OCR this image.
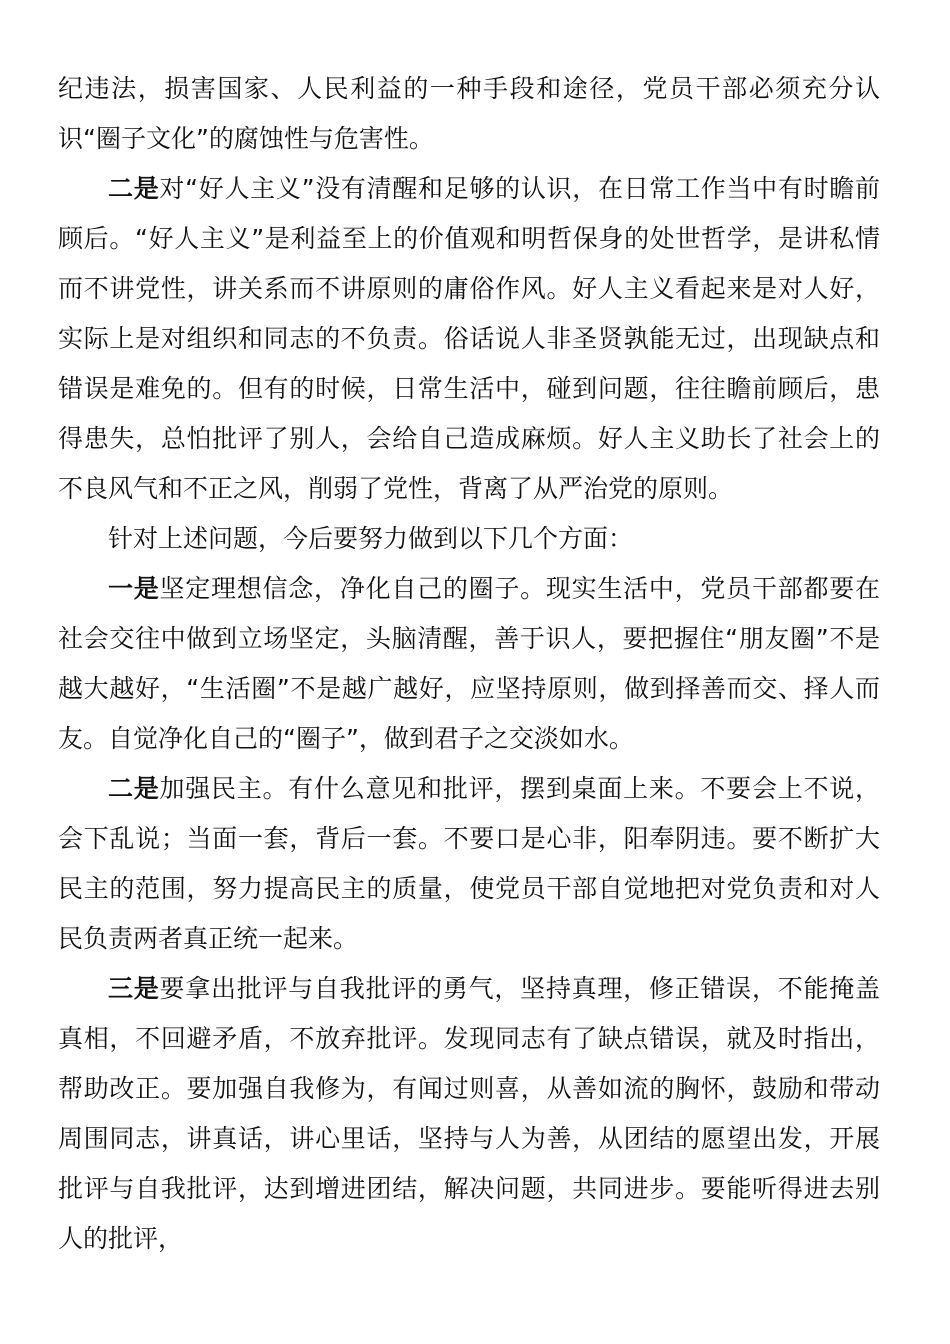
纪违法，损害国家、人民利益的一种手段和途径，党员干部必须充分认识“圈子文化”的腐蚀性与危害性。

二是对“好人主义”没有清醒和足够的认识，在日常工作当中有时瞻前顾后。“好人主义”是利益至上的价值观和明哲保身的处世哲学，是讲私情而不讲党性，讲关系而不讲原则的庸俗作风。好人主义看起来是对人好，实际上是对组织和同志的不负责。俗话说人非圣贤孰能无过，出现缺点和错误是难免的。但有的时候，日常生活中，碰到问题，往往瞻前顾后，患得患失，总怕批评了别人，会给自己造成麻烦。好人主义助长了社会上的不良风气和不正之风，削弱了党性，背离了从严治党的原则。

针对上述问题，今后要努力做到以下几个方面：

一是坚定理想信念，净化自己的圈子。现实生活中，党员干部都要在社会交往中做到立场坚定，头脑清醒，善于识人，要把握住“朋友圈”不是越大越好，“生活圈”不是越广越好，应坚持原则，做到择善而交、择人而友。自觉净化自己的“圈子”，做到君子之交淡如水。

二是加强民主。有什么意见和批评，摆到桌面上来。不要会上不说，会下乱说；当面一套，背后一套。不要口是心非，阳奉阴违。要不断扩大民主的范围，努力提高民主的质量，使党员干部自觉地把对党负责和对人民负责两者真正统一起来。

三是要拿出批评与自我批评的勇气，坚持真理，修正错误，不能掩盖真相，不回避矛盾，不放弃批评。发现同志有了缺点错误，就及时指出，帮助改正。要加强自我修为，有闻过则喜，从善如流的胸怀，鼓励和带动周围同志，讲真话，讲心里话，坚持与人为善，从团结的愿望出发，开展批评与自我批评，达到增进团结，解决问题，共同进步。要能听得进去别人的批评，
